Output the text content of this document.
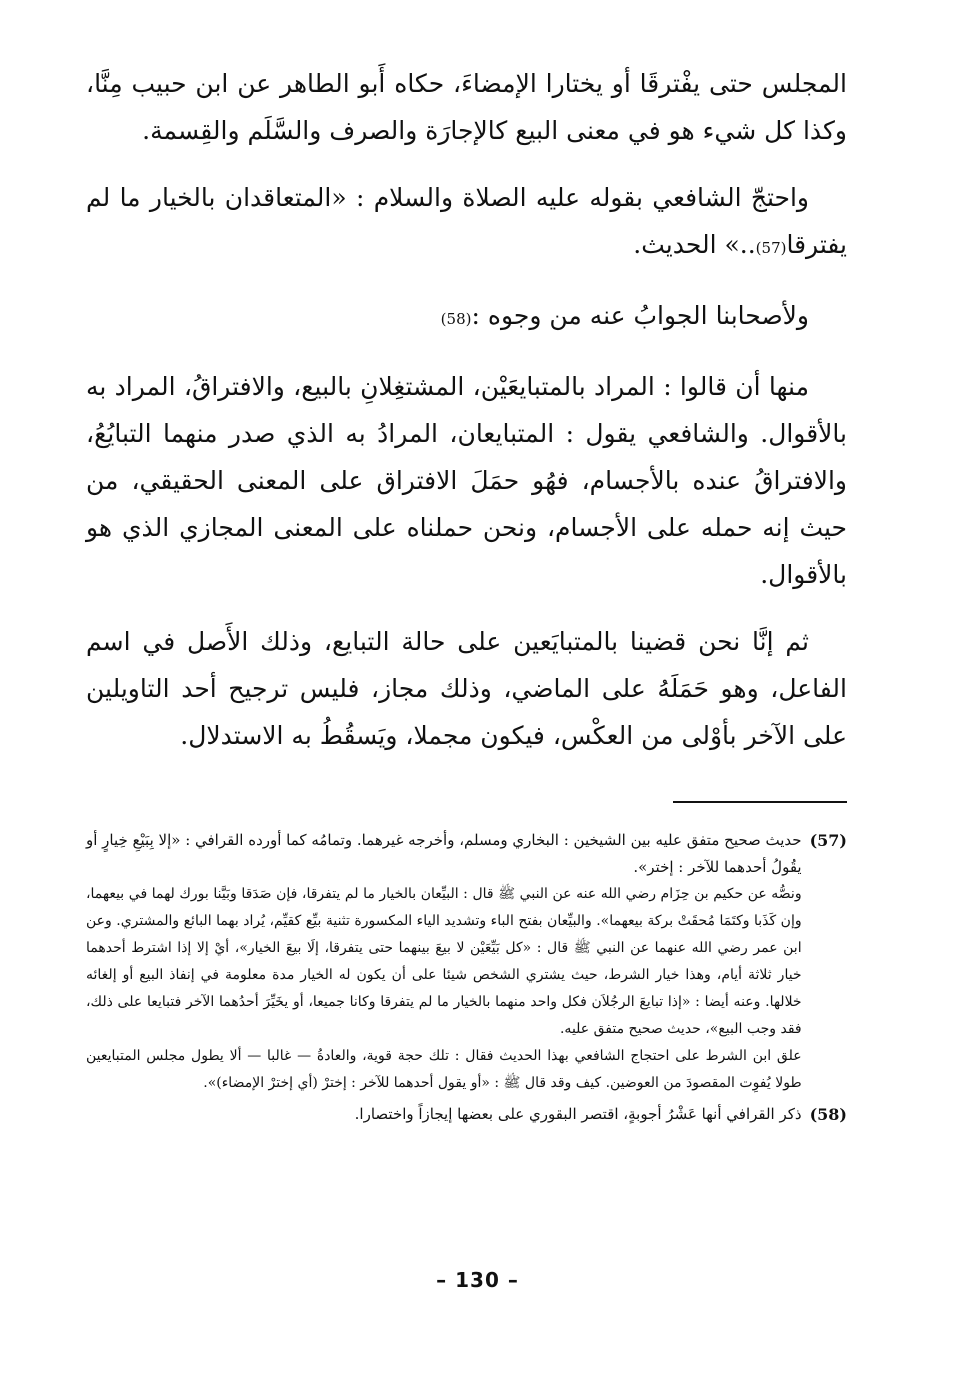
المجلس حتى يفْترقَا أو يختارا الإمضاءَ، حكاه أَبو الطاهر عن ابن حبيب مِنَّا، وكذا كل شيء هو في معنى البيع كالإجارَة والصرف والسَّلَم والقِسمة.

واحتجّ الشافعي بقوله عليه الصلاة والسلام : «المتعاقدان بالخيار ما لم يفترقا(57)..» الحديث.

ولأصحابنا الجوابُ عنه من وجوه :(58)

منها أن قالوا : المراد بالمتبايعَيْن، المشتغِلانِ بالبيع، والافتراقُ، المراد به بالأقوال. والشافعي يقول : المتبايعان، المرادُ به الذي صدر منهما التبايُعُ، والافتراقُ عنده بالأجسام، فهُو حمَلَ الافتراق على المعنى الحقيقي، من حيث إنه حمله على الأجسام، ونحن حملناه على المعنى المجازي الذي هو بالأقوال.

ثم إنَّا نحن قضينا بالمتبايَعين على حالة التبايع، وذلك الأَصل في اسم الفاعل، وهو حَمَلَهُ على الماضي، وذلك مجاز، فليس ترجيح أحد التاويلين على الآخر بأوْلى من العكْس، فيكون مجملا، ويَسقُطُ به الاستدلال.

(57)

حديث صحيح متفق عليه بين الشيخين : البخاري ومسلم، وأخرجه غيرهما. وتمامُه كما أورده القرافي : «إلا بِبَيْعِ خِيارٍ أو يقُولُ أحدهما للآخر : إختر».

ونصُّه عن حكيم بن حِزَام رضي الله عنه عن النبي ﷺ قال : البيِّعان بالخيار ما لم يتفرقا، فإن صَدَقا وبَيَّنا بورك لهما في بيعهما، وإن كَذَبا وكتَمَا مُحقَتْ بركة بيعهما». والبيِّعان بفتح الباء وتشديد الياء المكسورة تثنية بيِّع كقيِّم، يُراد بهما البائع والمشتري. وعن ابن عمر رضي الله عنهما عن النبي ﷺ قال : «كل بَيِّعَيْن لا بيعَ بينهما حتى يتفرقا، إلَا بيعَ الخيار»، أيْ إلا إذا اشترط أحدهما خيار ثلاثة أيام، وهذا خيار الشرط، حيث يشتري الشخص شيئا على أن يكون له الخيار مدة معلومة في إنفاذ البيع أو إلغائه خلالها. وعنه أيضا : «إذا تبايعَ الرجُلاَن فكل واحد منهما بالخيار ما لم يتفرقا وكانا جميعا، أو يخَيِّرَ أحدُهما الآخر فتبايعا على ذلك، فقد وجب البيع»، حديث صحيح متفق عليه.

علق ابن الشرط على احتجاج الشافعي بهذا الحديث فقال : تلك حجة قوية، والعادةُ — غالبا — ألا يطول مجلس المتبايعين طولا يُفوِت المقصودَ من العوضين. كيف وقد قال ﷺ : «أو يقول أحدهما للآخر : إخترْ (أي إخترْ الإمضاء)».

(58)

ذكر القرافي أنها عَشْرُ أجوبةٍ، اقتصر البقوري على بعضها إيجازاً واختصارا.

– 130 –
